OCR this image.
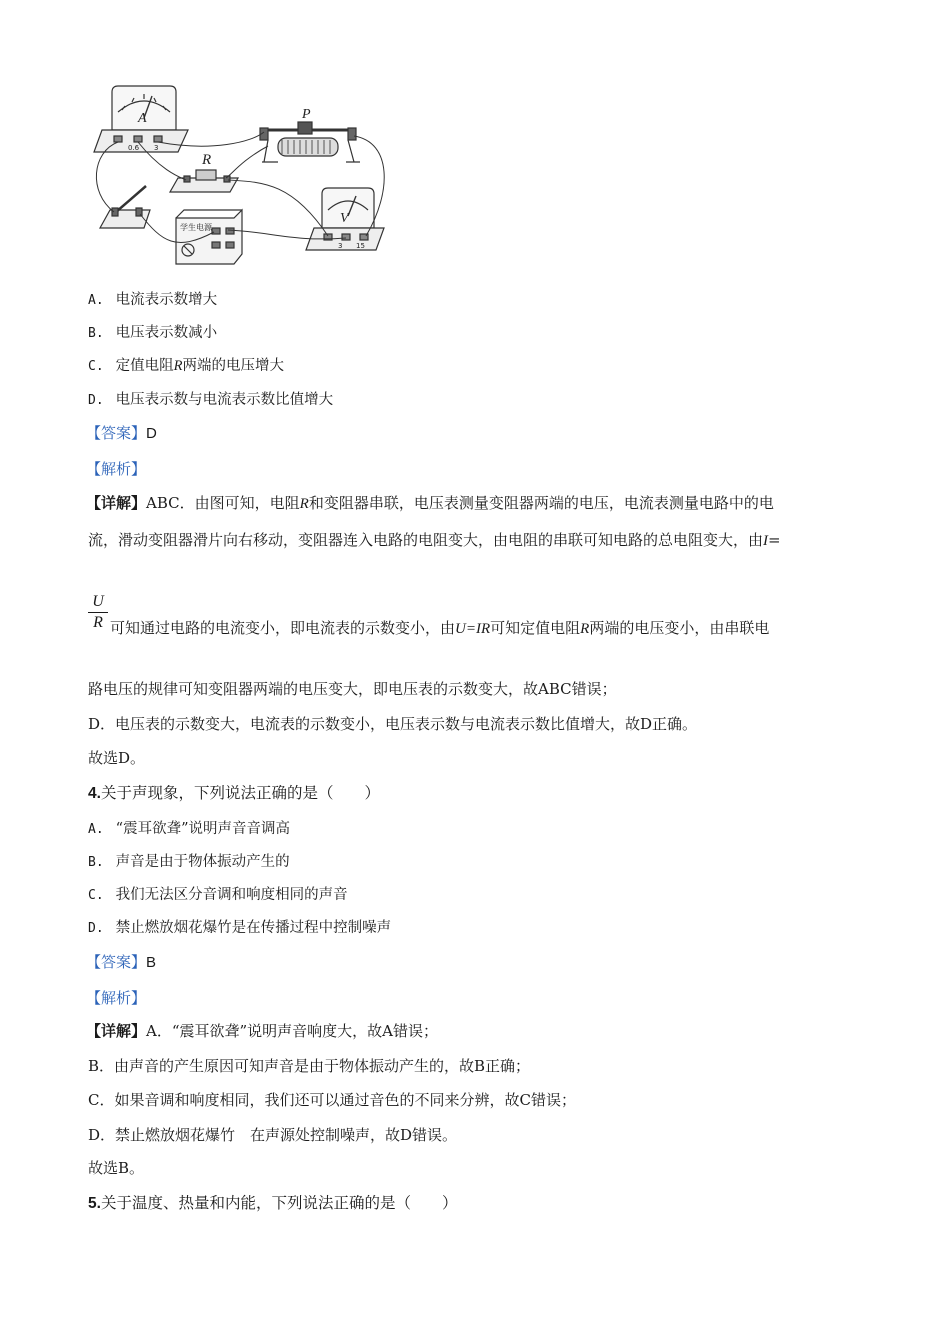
A
R
P
V
0.6 3
学生电源
3 15
A. 电流表示数增大
B. 电压表示数减小
C. 定值电阻R两端的电压增大
D. 电压表示数与电流表示数比值增大
【答案】D
【解析】
【详解】ABC．由图可知，电阻R和变阻器串联，电压表测量变阻器两端的电压，电流表测量电路中的电
流，滑动变阻器滑片向右移动，变阻器连入电路的电阻变大，由电阻的串联可知电路的总电阻变大，由I=
$\frac{U}{R}$ 可知通过电路的电流变小，即电流表的示数变小，由U=IR可知定值电阻R两端的电压变小，由串联电
路电压的规律可知变阻器两端的电压变大，即电压表的示数变大，故ABC错误；
D．电压表的示数变大，电流表的示数变小，电压表示数与电流表示数比值增大，故D正确。
故选D。
4.关于声现象，下列说法正确的是（　　）
A. “震耳欲聋”说明声音音调高
B. 声音是由于物体振动产生的
C. 我们无法区分音调和响度相同的声音
D. 禁止燃放烟花爆竹是在传播过程中控制噪声
【答案】B
【解析】
【详解】A．“震耳欲聋”说明声音响度大，故A错误；
B．由声音的产生原因可知声音是由于物体振动产生的，故B正确；
C．如果音调和响度相同，我们还可以通过音色的不同来分辨，故C错误；
D．禁止燃放烟花爆竹　在声源处控制噪声，故D错误。
故选B。
5.关于温度、热量和内能，下列说法正确的是（　　）
